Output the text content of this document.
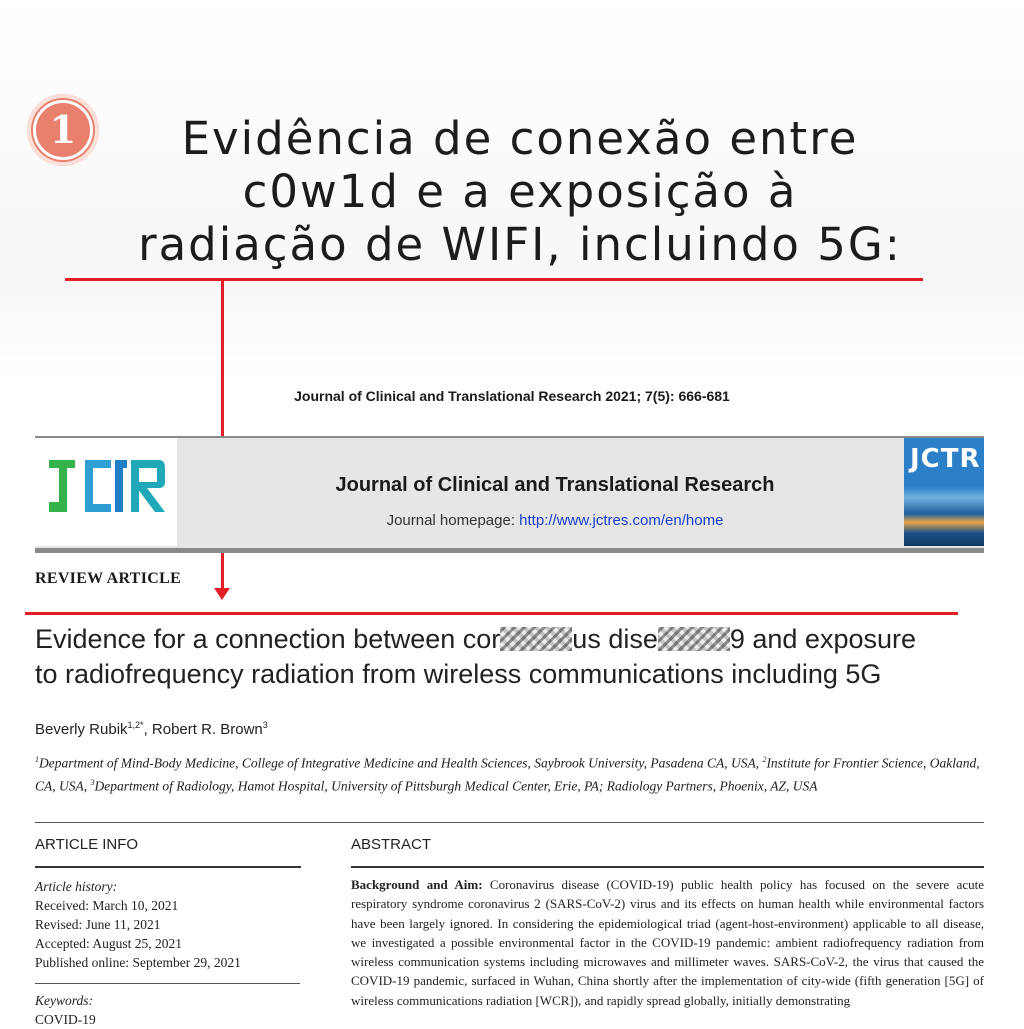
1	Evidência de conexão entre
c0w1d e a exposição à
radiação de WIFI, incluindo 5G:
Journal of Clinical and Translational Research 2021; 7(5): 666-681
Journal of Clinical and Translational Research
Journal homepage: http://www.jctres.com/en/home
JCTR
REVIEW ARTICLE
Evidence for a connection between cor	us dise	9 and exposure
to radiofrequency radiation from wireless communications including 5G
Beverly Rubik$^{1,2*}$, Robert R. Brown$^3$
$^1$Department of Mind-Body Medicine, College of Integrative Medicine and Health Sciences, Saybrook University, Pasadena CA, USA, $^2$Institute for Frontier Science, Oakland, CA, USA, $^3$Department of Radiology, Hamot Hospital, University of Pittsburgh Medical Center, Erie, PA; Radiology Partners, Phoenix, AZ, USA
ARTICLE INFO	ABSTRACT
Article history:
Received: March 10, 2021
Revised: June 11, 2021
Accepted: August 25, 2021
Published online: September 29, 2021
Keywords:
COVID-19
Background and Aim: Coronavirus disease (COVID-19) public health policy has focused on the severe acute respiratory syndrome coronavirus 2 (SARS-CoV-2) virus and its effects on human health while environmental factors have been largely ignored. In considering the epidemiological triad (agent-host-environment) applicable to all disease, we investigated a possible environmental factor in the COVID-19 pandemic: ambient radiofrequency radiation from wireless communication systems including microwaves and millimeter waves. SARS-CoV-2, the virus that caused the COVID-19 pandemic, surfaced in Wuhan, China shortly after the implementation of city-wide (fifth generation [5G] of wireless communications radiation [WCR]), and rapidly spread globally, initially demonstrating
